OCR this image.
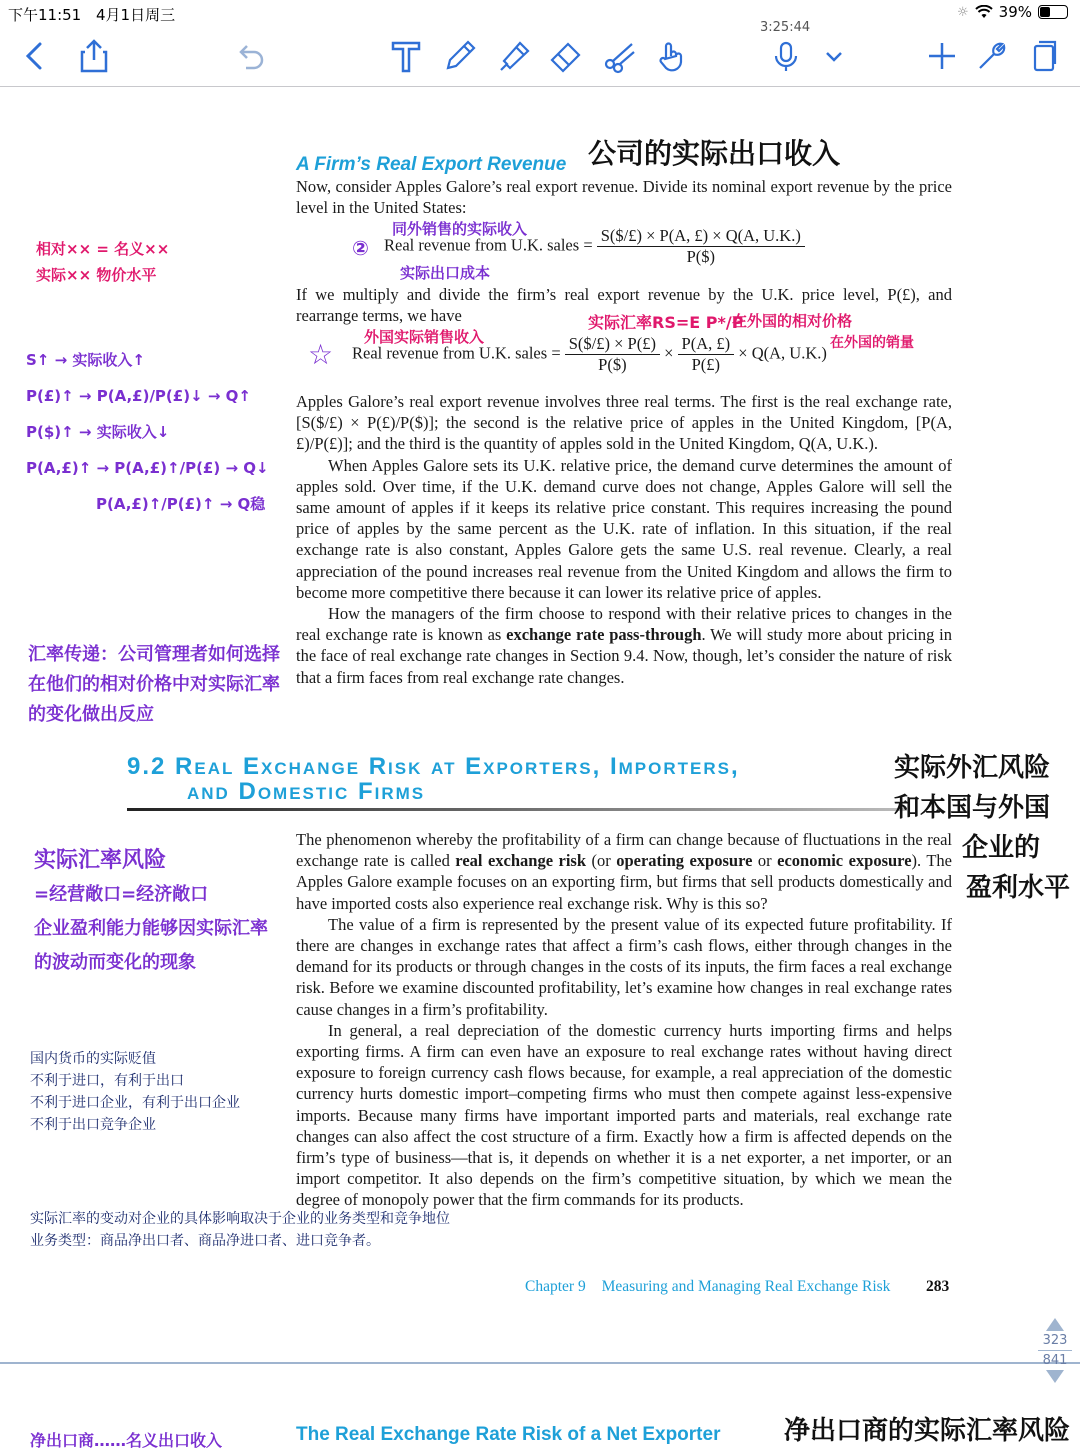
下午11:51 4月1日周三	☼ 39%
3:25:44
A Firm’s Real Export Revenue

Now, consider Apples Galore’s real export revenue. Divide its nominal export revenue by the price level in the United States:

Real revenue from U.K. sales = $\frac{S(\$/£) \times P(A, £) \times Q(A, U.K.)}{P(\$)}$

If we multiply and divide the firm’s real export revenue by the U.K. price level, P(£), and rearrange terms, we have

Real revenue from U.K. sales = $\frac{S(\$/£) \times P(£)}{P(\$)} \times \frac{P(A, £)}{P(£)} \times Q(A$, U.K.)

Apples Galore’s real export revenue involves three real terms. The first is the real exchange rate, [S($/£) × P(£)/P($)]; the second is the relative price of apples in the United Kingdom, [P(A, £)/P(£)]; and the third is the quantity of apples sold in the United Kingdom, Q(A, U.K.).

When Apples Galore sets its U.K. relative price, the demand curve determines the amount of apples sold. Over time, if the U.K. demand curve does not change, Apples Galore will sell the same amount of apples if it keeps its relative price constant. This requires increasing the pound price of apples by the same percent as the U.K. rate of inflation. In this situation, if the real exchange rate is also constant, Apples Galore gets the same U.S. real revenue. Clearly, a real appreciation of the pound increases real revenue from the United Kingdom and allows the firm to become more competitive there because it can lower its relative price of apples.

How the managers of the firm choose to respond with their relative prices to changes in the real exchange rate is known as exchange rate pass-through. We will study more about pricing in the face of real exchange rate changes in Section 9.4. Now, though, let’s consider the nature of risk that a firm faces from real exchange rate changes.

9.2 Real Exchange Risk at Exporters, Importers,
and Domestic Firms

The phenomenon whereby the profitability of a firm can change because of fluctuations in the real exchange rate is called real exchange risk (or operating exposure or economic exposure). The Apples Galore example focuses on an exporting firm, but firms that sell products domestically and have imported costs also experience real exchange risk. Why is this so?

The value of a firm is represented by the present value of its expected future profitability. If there are changes in exchange rates that affect a firm’s cash flows, either through changes in the demand for its products or through changes in the costs of its inputs, the firm faces a real exchange risk. Before we examine discounted profitability, let’s examine how changes in real exchange rates cause changes in a firm’s profitability.

In general, a real depreciation of the domestic currency hurts importing firms and helps exporting firms. A firm can even have an exposure to real exchange rates without having direct exposure to foreign currency cash flows because, for example, a real appreciation of the domestic currency hurts domestic import–competing firms who must then compete against less-expensive imports. Because many firms have important imported parts and materials, real exchange rate changes can also affect the cost structure of a firm. Exactly how a firm is affected depends on the firm’s type of business—that is, it depends on whether it is a net exporter, a net importer, or an import competitor. It also depends on the firm’s competitive situation, by which we mean the degree of monopoly power that the firm commands for its products.

Chapter 9 Measuring and Managing Real Exchange Risk 283
公司的实际出口收入
同外销售的实际收入
②
实际出口成本
实际汇率RS=E P*/P
在外国的相对价格
在外国的销量
外国实际销售收入
☆
相对×× = 名义××
实际×× 物价水平
S↑ → 实际收入↑
P(£)↑ → P(A,£)/P(£)↓ → Q↑
P($)↑ → 实际收入↓
P(A,£)↑ → P(A,£)↑/P(£) → Q↓
P(A,£)↑/P(£)↑ → Q稳
汇率传递：公司管理者如何选择
在他们的相对价格中对实际汇率
的变化做出反应
实际外汇风险
和本国与外国
企业的
盈利水平
实际汇率风险
=经营敞口=经济敞口
企业盈利能力能够因实际汇率
的波动而变化的现象
国内货币的实际贬值
不利于进口，有利于出口
不利于进口企业，有利于出口企业
不利于出口竞争企业
实际汇率的变动对企业的具体影响取决于企业的业务类型和竞争地位
业务类型：商品净出口者、商品净进口者、进口竞争者。
The Real Exchange Rate Risk of a Net Exporter
净出口商……名义出口收入	净出口商的实际汇率风险
323
841
